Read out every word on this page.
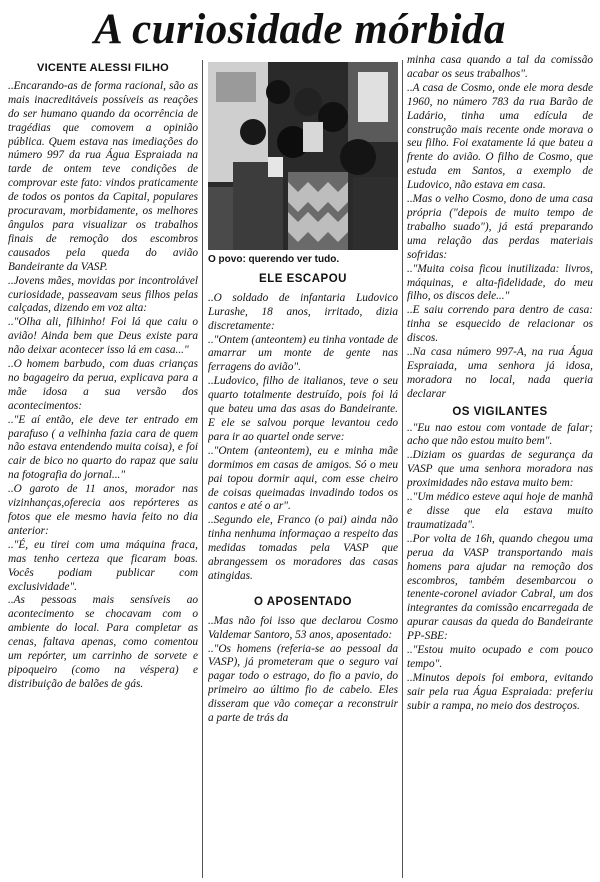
A curiosidade mórbida
VICENTE ALESSI FILHO

..Encarando-as de forma racional, são as mais inacreditáveis possíveis as reações do ser humano quando da ocorrência de tragédias que comovem a opinião pública. Quem estava nas imediações do número 997 da rua Água Espraiada na tarde de ontem teve condições de comprovar este fato: vindos praticamente de todos os pontos da Capital, populares procuravam, morbidamente, os melhores ângulos para visualizar os trabalhos finais de remoção dos escombros causados pela queda do avião Bandeirante da VASP.

..Jovens mães, movidas por incontrolável curiosidade, passeavam seus filhos pelas calçadas, dizendo em voz alta:

.."Olha ali, filhinho! Foi lá que caiu o avião! Ainda bem que Deus existe para não deixar acontecer isso lá em casa..."

..O homem barbudo, com duas crianças no bagageiro da perua, explicava para a mãe idosa a sua versão dos acontecimentos:

.."E aí então, ele deve ter entrado em parafuso ( a velhinha fazia cara de quem não estava entendendo muita coisa), e foi cair de bico no quarto do rapaz que saiu na fotografia do jornal..."

..O garoto de 11 anos, morador nas vizinhanças,oferecia aos repórteres as fotos que ele mesmo havia feito no dia anterior:

.."É, eu tirei com uma máquina fraca, mas tenho certeza que ficaram boas. Vocês podiam publicar com exclusividade".

..As pessoas mais sensíveis ao acontecimento se chocavam com o ambiente do local. Para completar as cenas, faltava apenas, como comentou um repórter, um carrinho de sorvete e pipoqueiro (como na véspera) e distribuição de balões de gás.

O povo: querendo ver tudo.
ELE ESCAPOU

..O soldado de infantaria Ludovico Lurashe, 18 anos, irritado, dizia discretamente:

.."Ontem (anteontem) eu tinha vontade de amarrar um monte de gente nas ferragens do avião".

..Ludovico, filho de italianos, teve o seu quarto totalmente destruído, pois foi lá que bateu uma das asas do Bandeirante. E ele se salvou porque levantou cedo para ir ao quartel onde serve:

.."Ontem (anteontem), eu e minha mãe dormimos em casas de amigos. Só o meu pai topou dormir aqui, com esse cheiro de coisas queimadas invadindo todos os cantos e até o ar".

..Segundo ele, Franco (o pai) ainda não tinha nenhuma informaçao a respeito das medidas tomadas pela VASP que abrangessem os moradores das casas atingidas.

O APOSENTADO

..Mas não foi isso que declarou Cosmo Valdemar Santoro, 53 anos, aposentado:

.."Os homens (referia-se ao pessoal da VASP), já prometeram que o seguro vai pagar todo o estrago, do fio a pavio, do primeiro ao último fio de cabelo. Eles disseram que vão começar a reconstruir a parte de trás da

minha casa quando a tal da comissão acabar os seus trabalhos".

..A casa de Cosmo, onde ele mora desde 1960, no número 783 da rua Barão de Ladário, tinha uma edícula de construção mais recente onde morava o seu filho. Foi exatamente lá que bateu a frente do avião. O filho de Cosmo, que estuda em Santos, a exemplo de Ludovico, não estava em casa.

..Mas o velho Cosmo, dono de uma casa própria ("depois de muito tempo de trabalho suado"), já está preparando uma relação das perdas materiais sofridas:

.."Muita coisa ficou inutilizada: livros, máquinas, e alta-fidelidade, do meu filho, os discos dele..."

..E saiu correndo para dentro de casa: tinha se esquecido de relacionar os discos.

..Na casa número 997-A, na rua Água Espraiada, uma senhora já idosa, moradora no local, nada queria declarar

OS VIGILANTES

.."Eu nao estou com vontade de falar; acho que não estou muito bem".

..Diziam os guardas de segurança da VASP que uma senhora moradora nas proximidades não estava muito bem:

.."Um médico esteve aqui hoje de manhã e disse que ela estava muito traumatizada".

..Por volta de 16h, quando chegou uma perua da VASP transportando mais homens para ajudar na remoção dos escombros, também desembarcou o tenente-coronel aviador Cabral, um dos integrantes da comissão encarregada de apurar causas da queda do Bandeirante PP-SBE:

.."Estou muito ocupado e com pouco tempo".

..Minutos depois foi embora, evitando sair pela rua Água Espraiada: preferiu subir a rampa, no meio dos destroços.
